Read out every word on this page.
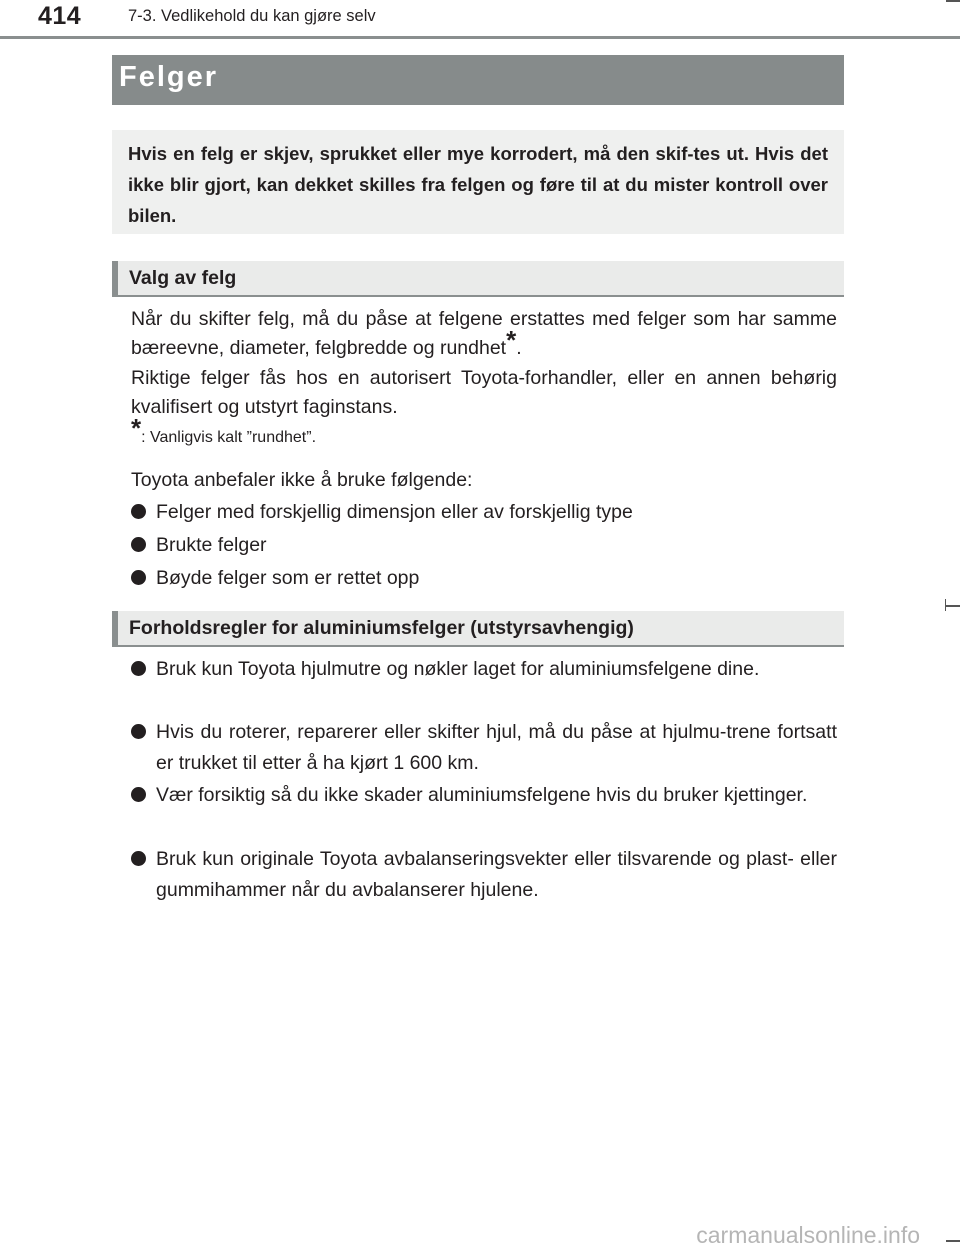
414	7-3. Vedlikehold du kan gjøre selv
Felger

Hvis en felg er skjev, sprukket eller mye korrodert, må den skif-tes ut. Hvis det ikke blir gjort, kan dekket skilles fra felgen og føre til at du mister kontroll over bilen.

Valg av felg

Når du skifter felg, må du påse at felgene erstattes med felger som har samme bæreevne, diameter, felgbredde og rundhet*.

Riktige felger fås hos en autorisert Toyota-forhandler, eller en annen behørig kvalifisert og utstyrt faginstans.

*: Vanligvis kalt ”rundhet”.

Toyota anbefaler ikke å bruke følgende:

Felger med forskjellig dimensjon eller av forskjellig type
Brukte felger
Bøyde felger som er rettet opp
Forholdsregler for aluminiumsfelger (utstyrsavhengig)
Bruk kun Toyota hjulmutre og nøkler laget for aluminiumsfelgene dine.
Hvis du roterer, reparerer eller skifter hjul, må du påse at hjulmu-trene fortsatt er trukket til etter å ha kjørt 1 600 km.
Vær forsiktig så du ikke skader aluminiumsfelgene hvis du bruker kjettinger.
Bruk kun originale Toyota avbalanseringsvekter eller tilsvarende og plast- eller gummihammer når du avbalanserer hjulene.
carmanualsonline.info
